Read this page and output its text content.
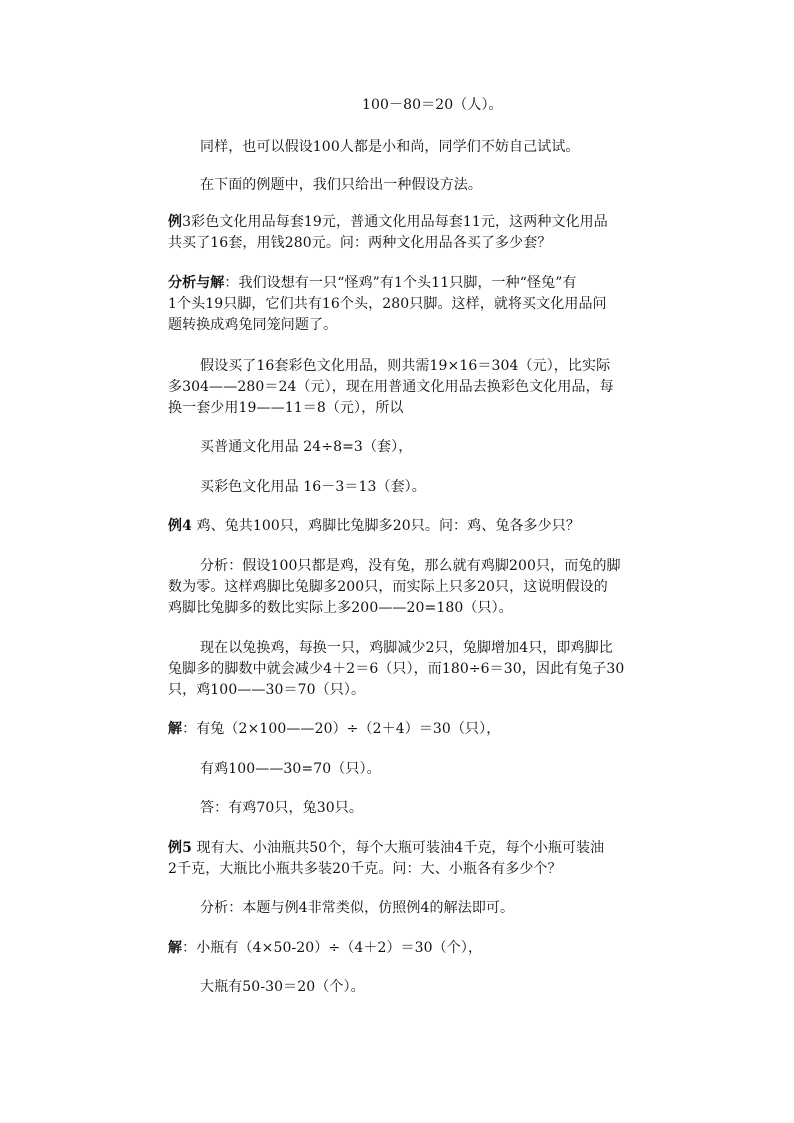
100－80＝20（人）。
同样，也可以假设100人都是小和尚，同学们不妨自己试试。
在下面的例题中，我们只给出一种假设方法。
例3彩色文化用品每套19元，普通文化用品每套11元，这两种文化用品
共买了16套，用钱280元。问：两种文化用品各买了多少套？
分析与解：我们设想有一只“怪鸡”有1个头11只脚，一种“怪兔”有
1个头19只脚，它们共有16个头，280只脚。这样，就将买文化用品问
题转换成鸡兔同笼问题了。
假设买了16套彩色文化用品，则共需19×16＝304（元），比实际
多304——280＝24（元），现在用普通文化用品去换彩色文化用品，每
换一套少用19——11＝8（元），所以
买普通文化用品 24÷8=3（套），
买彩色文化用品 16－3＝13（套）。
例4 鸡、兔共100只，鸡脚比兔脚多20只。问：鸡、兔各多少只？
分析：假设100只都是鸡，没有兔，那么就有鸡脚200只，而兔的脚
数为零。这样鸡脚比兔脚多200只，而实际上只多20只，这说明假设的
鸡脚比兔脚多的数比实际上多200——20=180（只）。
现在以兔换鸡，每换一只，鸡脚减少2只，兔脚增加4只，即鸡脚比
兔脚多的脚数中就会减少4＋2＝6（只），而180÷6＝30，因此有兔子30
只，鸡100——30＝70（只）。
解：有兔（2×100——20）÷（2＋4）＝30（只），
有鸡100——30=70（只）。
答：有鸡70只，兔30只。
例5 现有大、小油瓶共50个，每个大瓶可装油4千克，每个小瓶可装油
2千克，大瓶比小瓶共多装20千克。问：大、小瓶各有多少个？
分析：本题与例4非常类似，仿照例4的解法即可。
解：小瓶有（4×50-20）÷（4＋2）＝30（个），
大瓶有50-30＝20（个）。
